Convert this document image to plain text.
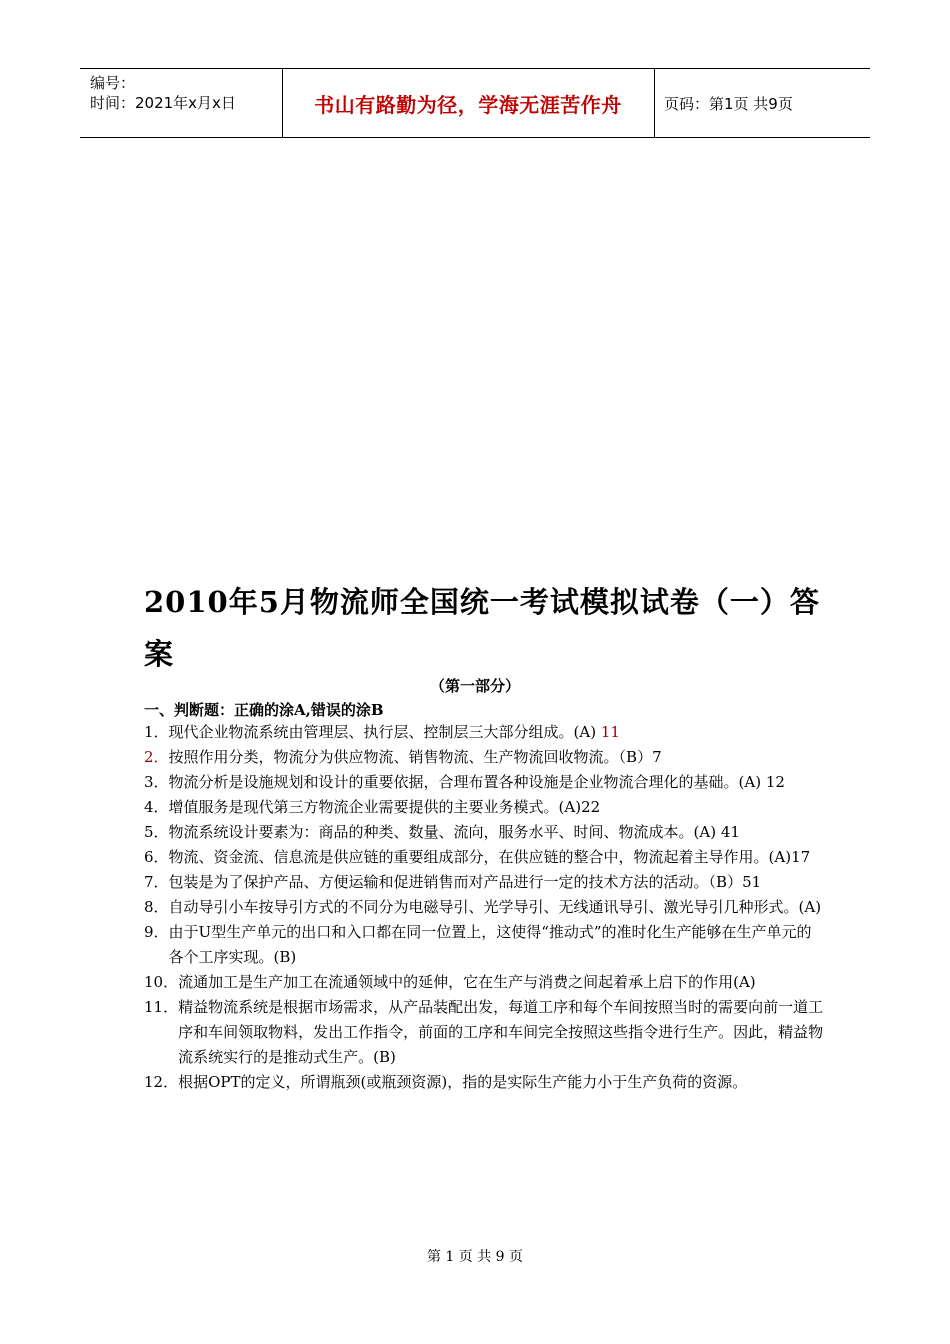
编号：
时间：2021年x月x日	书山有路勤为径，学海无涯苦作舟	页码：第1页 共9页
2010年5月物流师全国统一考试模拟试卷（一）答案
（第一部分）
一、判断题：正确的涂A,错误的涂B
1． 现代企业物流系统由管理层、执行层、控制层三大部分组成。(A) 11
2． 按照作用分类，物流分为供应物流、销售物流、生产物流回收物流。（B）7
3． 物流分析是设施规划和设计的重要依据，合理布置各种设施是企业物流合理化的基础。(A) 12
4． 增值服务是现代第三方物流企业需要提供的主要业务模式。(A)22
5． 物流系统设计要素为：商品的种类、数量、流向，服务水平、时间、物流成本。(A) 41
6． 物流、资金流、信息流是供应链的重要组成部分，在供应链的整合中，物流起着主导作用。(A)17
7． 包装是为了保护产品、方便运输和促进销售而对产品进行一定的技术方法的活动。（B）51
8． 自动导引小车按导引方式的不同分为电磁导引、光学导引、无线通讯导引、激光导引几种形式。(A)
9． 由于U型生产单元的出口和入口都在同一位置上，这使得“推动式”的准时化生产能够在生产单元的各个工序实现。(B)
10． 流通加工是生产加工在流通领域中的延伸，它在生产与消费之间起着承上启下的作用(A)
11． 精益物流系统是根据市场需求，从产品装配出发，每道工序和每个车间按照当时的需要向前一道工序和车间领取物料，发出工作指令，前面的工序和车间完全按照这些指令进行生产。因此，精益物流系统实行的是推动式生产。(B)
12． 根据OPT的定义，所谓瓶颈(或瓶颈资源)，指的是实际生产能力小于生产负荷的资源。
第 1 页 共 9 页
